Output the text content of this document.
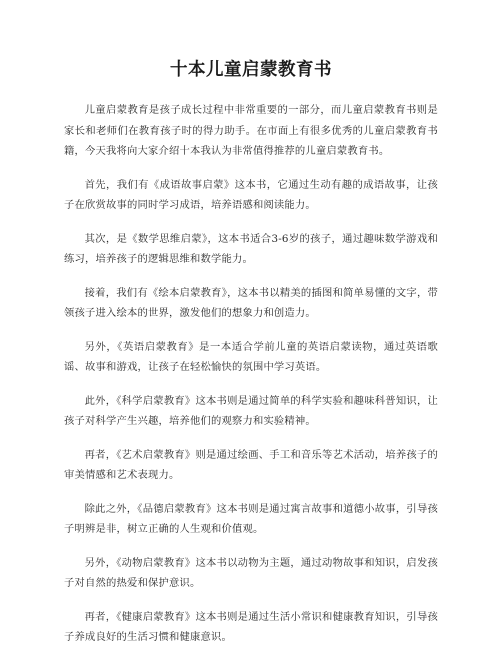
十本儿童启蒙教育书

儿童启蒙教育是孩子成长过程中非常重要的一部分，而儿童启蒙教育书则是家长和老师们在教育孩子时的得力助手。在市面上有很多优秀的儿童启蒙教育书籍，今天我将向大家介绍十本我认为非常值得推荐的儿童启蒙教育书。

首先，我们有《成语故事启蒙》这本书，它通过生动有趣的成语故事，让孩子在欣赏故事的同时学习成语，培养语感和阅读能力。

其次，是《数学思维启蒙》，这本书适合3-6岁的孩子，通过趣味数学游戏和练习，培养孩子的逻辑思维和数学能力。

接着，我们有《绘本启蒙教育》，这本书以精美的插图和简单易懂的文字，带领孩子进入绘本的世界，激发他们的想象力和创造力。

另外，《英语启蒙教育》是一本适合学前儿童的英语启蒙读物，通过英语歌谣、故事和游戏，让孩子在轻松愉快的氛围中学习英语。

此外，《科学启蒙教育》这本书则是通过简单的科学实验和趣味科普知识，让孩子对科学产生兴趣，培养他们的观察力和实验精神。

再者，《艺术启蒙教育》则是通过绘画、手工和音乐等艺术活动，培养孩子的审美情感和艺术表现力。

除此之外，《品德启蒙教育》这本书则是通过寓言故事和道德小故事，引导孩子明辨是非，树立正确的人生观和价值观。

另外，《动物启蒙教育》这本书以动物为主题，通过动物故事和知识，启发孩子对自然的热爱和保护意识。

再者，《健康启蒙教育》这本书则是通过生活小常识和健康教育知识，引导孩子养成良好的生活习惯和健康意识。
